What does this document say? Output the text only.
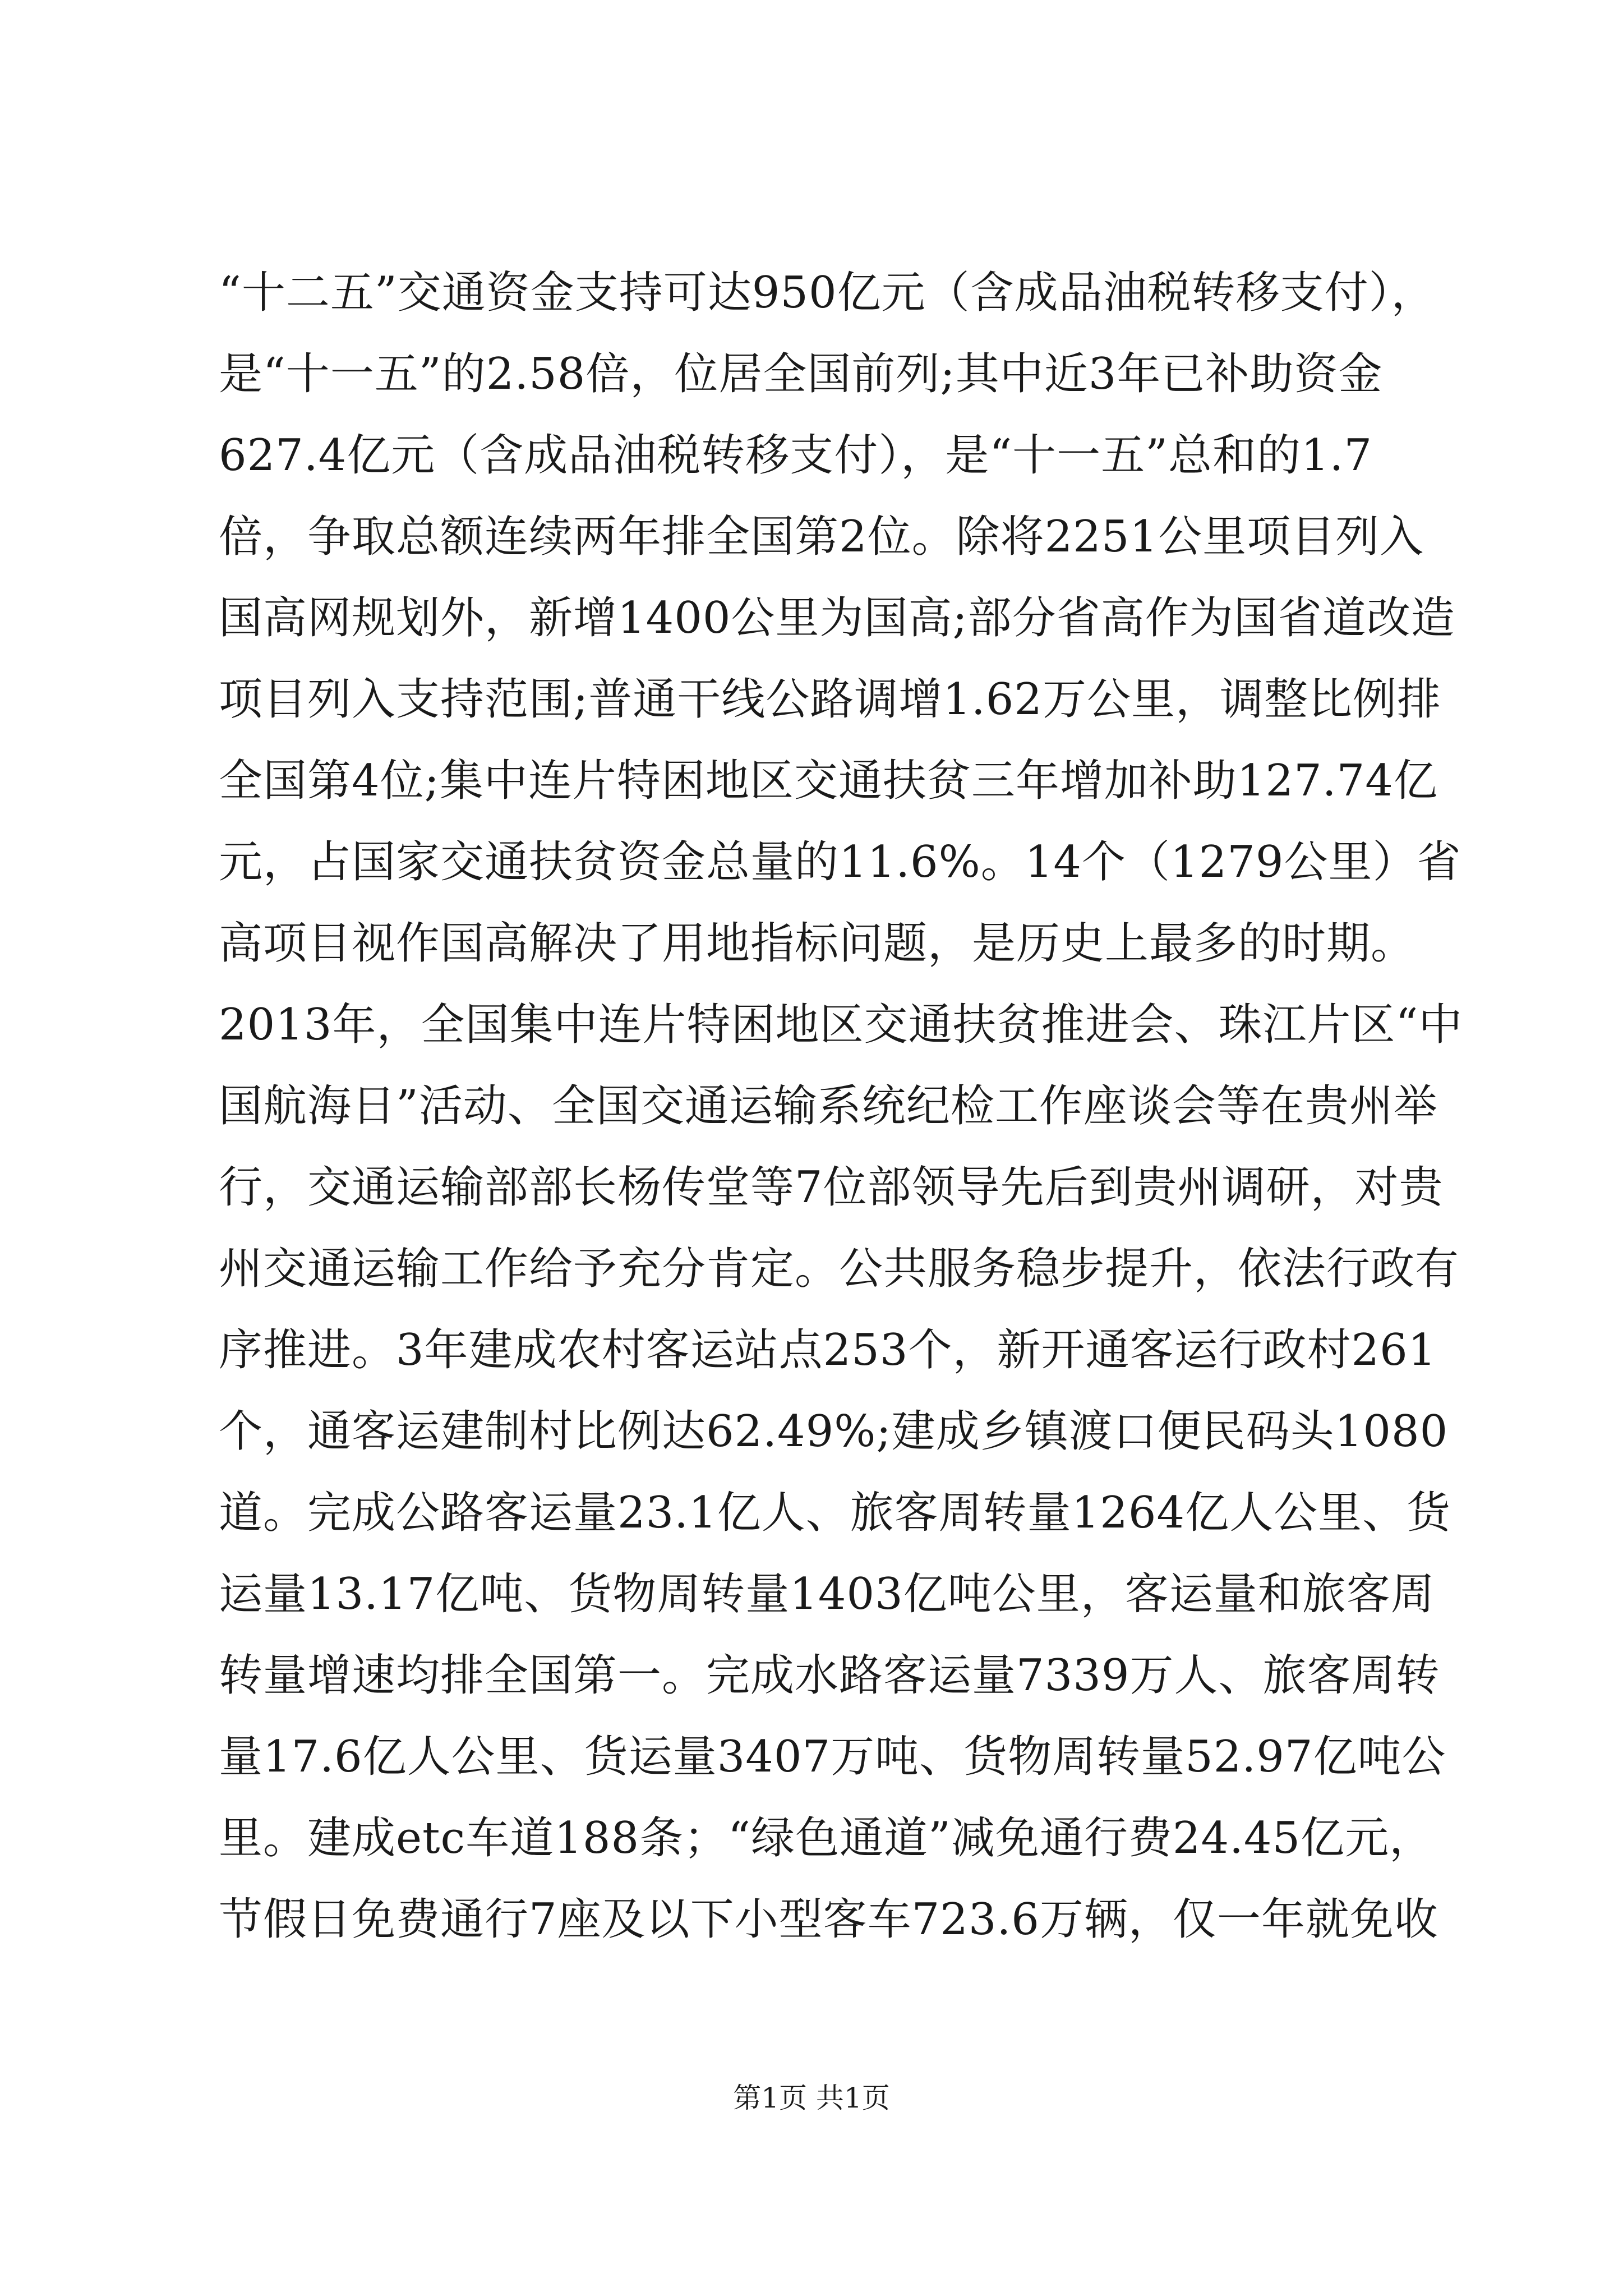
“十二五”交通资金支持可达950亿元（含成品油税转移支付），
是“十一五”的2.58倍，位居全国前列;其中近3年已补助资金
627.4亿元（含成品油税转移支付），是“十一五”总和的1.7
倍，争取总额连续两年排全国第2位。除将2251公里项目列入
国高网规划外，新增1400公里为国高;部分省高作为国省道改造
项目列入支持范围;普通干线公路调增1.62万公里，调整比例排
全国第4位;集中连片特困地区交通扶贫三年增加补助127.74亿
元，占国家交通扶贫资金总量的11.6%。14个（1279公里）省
高项目视作国高解决了用地指标问题，是历史上最多的时期。
2013年，全国集中连片特困地区交通扶贫推进会、珠江片区“中
国航海日”活动、全国交通运输系统纪检工作座谈会等在贵州举
行，交通运输部部长杨传堂等7位部领导先后到贵州调研，对贵
州交通运输工作给予充分肯定。公共服务稳步提升，依法行政有
序推进。3年建成农村客运站点253个，新开通客运行政村261
个，通客运建制村比例达62.49%;建成乡镇渡口便民码头1080
道。完成公路客运量23.1亿人、旅客周转量1264亿人公里、货
运量13.17亿吨、货物周转量1403亿吨公里，客运量和旅客周
转量增速均排全国第一。完成水路客运量7339万人、旅客周转
量17.6亿人公里、货运量3407万吨、货物周转量52.97亿吨公
里。建成etc车道188条；“绿色通道”减免通行费24.45亿元，
节假日免费通行7座及以下小型客车723.6万辆，仅一年就免收
第1页 共1页
